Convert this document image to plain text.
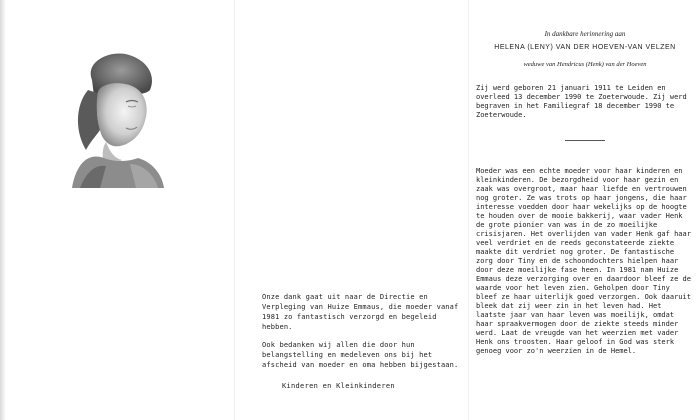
Onze dank gaat uit naar de Directie en Verpleging van Huize Emmaus, die moeder vanaf 1981 zo fantastisch verzorgd en begeleid hebben.

Ook bedanken wij allen die door hun belangstelling en medeleven ons bij het afscheid van moeder en oma hebben bijgestaan.

Kinderen en Kleinkinderen

In dankbare herinnering aan

HELENA (LENY) VAN DER HOEVEN-VAN VELZEN

weduwe van Hendricus (Henk) van der Hoeven

Zij werd geboren 21 januari 1911 te Leiden en overleed 13 december 1990 te Zoeterwoude. Zij werd begraven in het Familiegraf 18 december 1990 te Zoeterwoude.

Moeder was een echte moeder voor haar kinderen en kleinkinderen. De bezorgdheid voor haar gezin en zaak was overgroot, maar haar liefde en vertrouwen nog groter. Ze was trots op haar jongens, die haar interesse voedden door haar wekelijks op de hoogte te houden over de mooie bakkerij, waar vader Henk de grote pionier van was in de zo moeilijke crisisjaren. Het overlijden van vader Henk gaf haar veel verdriet en de reeds geconstateerde ziekte maakte dit verdriet nog groter. De fantastische zorg door Tiny en de schoondochters hielpen haar door deze moeilijke fase heen. In 1981 nam Huize Emmaus deze verzorging over en daardoor bleef ze de waarde voor het leven zien. Geholpen door Tiny bleef ze haar uiterlijk goed verzorgen. Ook daaruit bleek dat zij weer zin in het leven had. Het laatste jaar van haar leven was moeilijk, omdat haar spraakvermogen door de ziekte steeds minder werd. Laat de vreugde van het weerzien met vader Henk ons troosten. Haar geloof in God was sterk genoeg voor zo'n weerzien in de Hemel.
